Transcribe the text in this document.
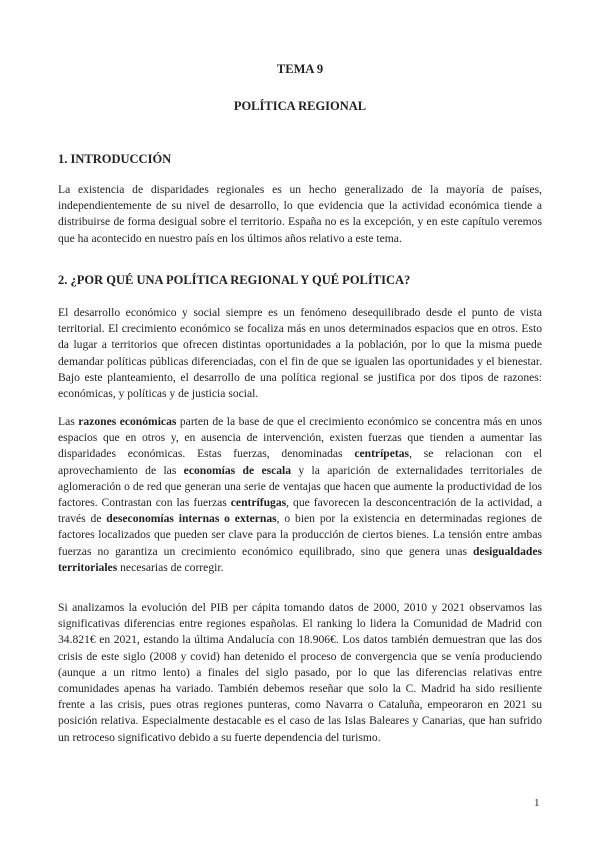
TEMA 9
POLÍTICA REGIONAL
1. INTRODUCCIÓN

La existencia de disparidades regionales es un hecho generalizado de la mayoría de países, independientemente de su nivel de desarrollo, lo que evidencia que la actividad económica tiende a distribuirse de forma desigual sobre el territorio. España no es la excepción, y en este capítulo veremos que ha acontecido en nuestro país en los últimos años relativo a este tema.

2. ¿POR QUÉ UNA POLÍTICA REGIONAL Y QUÉ POLÍTICA?

El desarrollo económico y social siempre es un fenómeno desequilibrado desde el punto de vista territorial. El crecimiento económico se focaliza más en unos determinados espacios que en otros. Esto da lugar a territorios que ofrecen distintas oportunidades a la población, por lo que la misma puede demandar políticas públicas diferenciadas, con el fin de que se igualen las oportunidades y el bienestar. Bajo este planteamiento, el desarrollo de una política regional se justifica por dos tipos de razones: económicas, y políticas y de justicia social.

Las razones económicas parten de la base de que el crecimiento económico se concentra más en unos espacios que en otros y, en ausencia de intervención, existen fuerzas que tienden a aumentar las disparidades económicas. Estas fuerzas, denominadas centrípetas, se relacionan con el aprovechamiento de las economías de escala y la aparición de externalidades territoriales de aglomeración o de red que generan una serie de ventajas que hacen que aumente la productividad de los factores. Contrastan con las fuerzas centrífugas, que favorecen la desconcentración de la actividad, a través de deseconomías internas o externas, o bien por la existencia en determinadas regiones de factores localizados que pueden ser clave para la producción de ciertos bienes. La tensión entre ambas fuerzas no garantiza un crecimiento económico equilibrado, sino que genera unas desigualdades territoriales necesarias de corregir.

Si analizamos la evolución del PIB per cápita tomando datos de 2000, 2010 y 2021 observamos las significativas diferencias entre regiones españolas. El ranking lo lidera la Comunidad de Madrid con 34.821€ en 2021, estando la última Andalucía con 18.906€. Los datos también demuestran que las dos crisis de este siglo (2008 y covid) han detenido el proceso de convergencia que se venía produciendo (aunque a un ritmo lento) a finales del siglo pasado, por lo que las diferencias relativas entre comunidades apenas ha variado. También debemos reseñar que solo la C. Madrid ha sido resiliente frente a las crisis, pues otras regiones punteras, como Navarra o Cataluña, empeoraron en 2021 su posición relativa. Especialmente destacable es el caso de las Islas Baleares y Canarias, que han sufrido un retroceso significativo debido a su fuerte dependencia del turismo.

1
